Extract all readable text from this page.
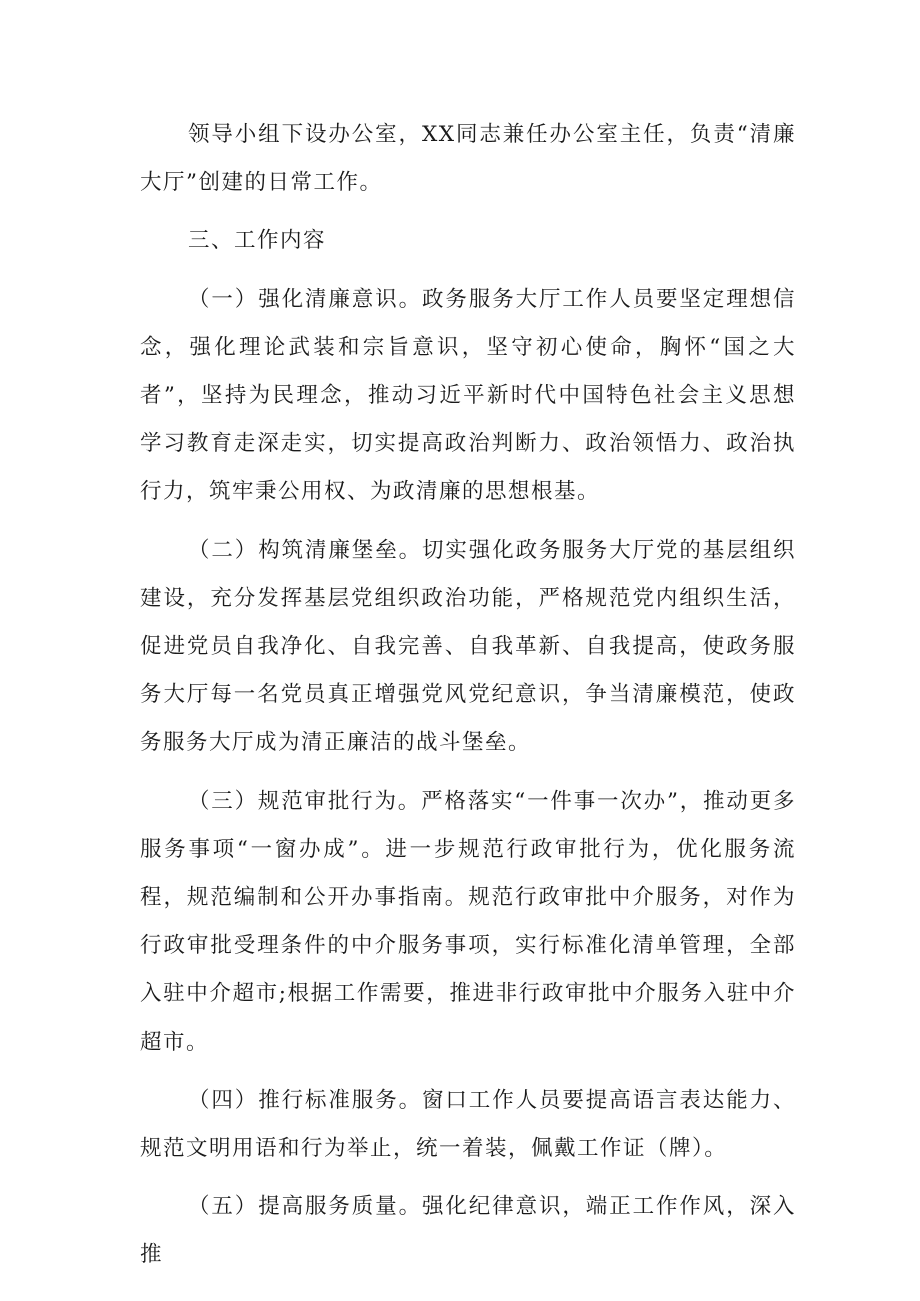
领导小组下设办公室，XX同志兼任办公室主任，负责“清廉大厅”创建的日常工作。

三、工作内容

（一）强化清廉意识。政务服务大厅工作人员要坚定理想信念，强化理论武装和宗旨意识，坚守初心使命，胸怀“国之大者”，坚持为民理念，推动习近平新时代中国特色社会主义思想学习教育走深走实，切实提高政治判断力、政治领悟力、政治执行力，筑牢秉公用权、为政清廉的思想根基。

（二）构筑清廉堡垒。切实强化政务服务大厅党的基层组织建设，充分发挥基层党组织政治功能，严格规范党内组织生活，促进党员自我净化、自我完善、自我革新、自我提高，使政务服务大厅每一名党员真正增强党风党纪意识，争当清廉模范，使政务服务大厅成为清正廉洁的战斗堡垒。

（三）规范审批行为。严格落实“一件事一次办”，推动更多服务事项“一窗办成”。进一步规范行政审批行为，优化服务流程，规范编制和公开办事指南。规范行政审批中介服务，对作为行政审批受理条件的中介服务事项，实行标准化清单管理，全部入驻中介超市;根据工作需要，推进非行政审批中介服务入驻中介超市。

（四）推行标准服务。窗口工作人员要提高语言表达能力、规范文明用语和行为举止，统一着装，佩戴工作证（牌）。

（五）提高服务质量。强化纪律意识，端正工作作风，深入推
